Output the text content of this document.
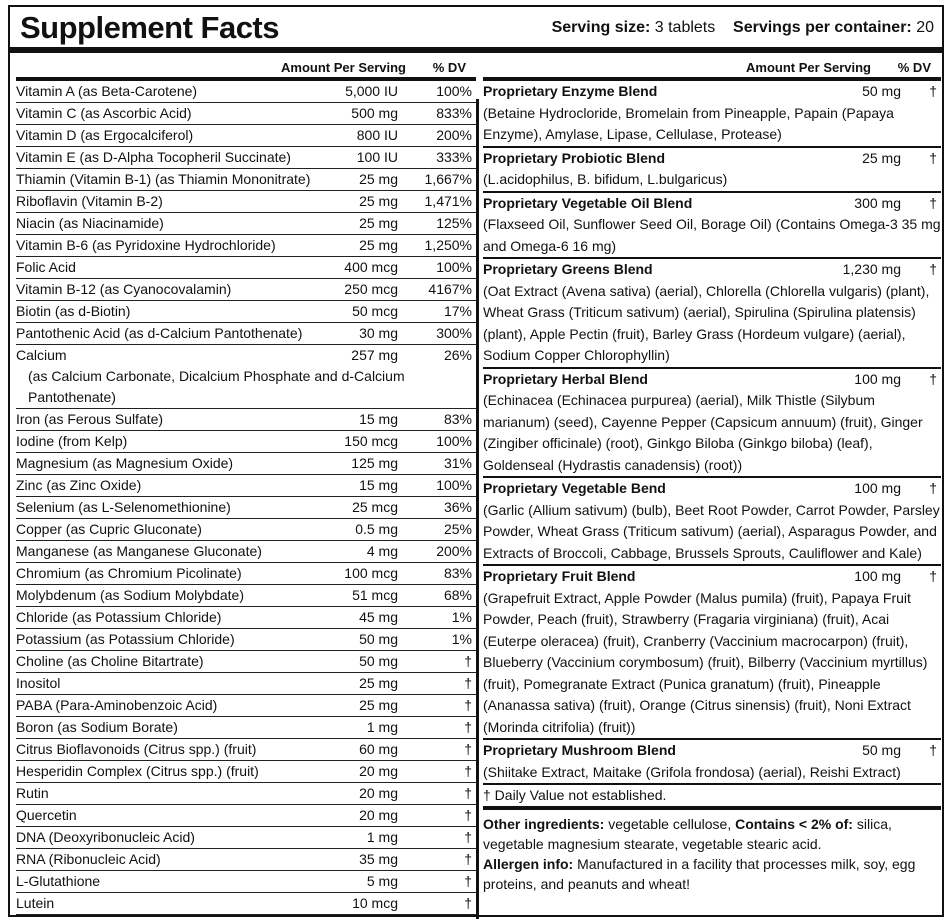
Supplement Facts	Serving size: 3 tablets Servings per container: 20
Amount Per Serving % DV
Vitamin A (as Beta-Carotene)	5,000 IU	100%
Vitamin C (as Ascorbic Acid)	500 mg	833%
Vitamin D (as Ergocalciferol)	800 IU	200%
Vitamin E (as D-Alpha Tocopheril Succinate)	100 IU	333%
Thiamin (Vitamin B-1) (as Thiamin Mononitrate)	25 mg 1,667%
Riboflavin (Vitamin B-2)	25 mg 1,471%
Niacin (as Niacinamide)	25 mg	125%
Vitamin B-6 (as Pyridoxine Hydrochloride)	25 mg 1,250%
Folic Acid	400 mcg	100%
Vitamin B-12 (as Cyanocovalamin)	250 mcg 4167%
Biotin (as d-Biotin)	50 mcg	17%
Pantothenic Acid (as d-Calcium Pantothenate)	30 mg	300%
Calcium	257 mg	26%
(as Calcium Carbonate, Dicalcium Phosphate and d-Calcium Pantothenate)
Iron (as Ferous Sulfate)	15 mg	83%
Iodine (from Kelp)	150 mcg	100%
Magnesium (as Magnesium Oxide)	125 mg	31%
Zinc (as Zinc Oxide)	15 mg	100%
Selenium (as L-Selenomethionine)	25 mcg	36%
Copper (as Cupric Gluconate)	0.5 mg	25%
Manganese (as Manganese Gluconate)	4 mg	200%
Chromium (as Chromium Picolinate)	100 mcg	83%
Molybdenum (as Sodium Molybdate)	51 mcg	68%
Chloride (as Potassium Chloride)	45 mg	1%
Potassium (as Potassium Chloride)	50 mg	1%
Choline (as Choline Bitartrate)	50 mg	†
Inositol	25 mg	†
PABA (Para-Aminobenzoic Acid)	25 mg	†
Boron (as Sodium Borate)	1 mg	†
Citrus Bioflavonoids (Citrus spp.) (fruit)	60 mg	†
Hesperidin Complex (Citrus spp.) (fruit)	20 mg	†
Rutin	20 mg	†
Quercetin	20 mg	†
DNA (Deoxyribonucleic Acid)	1 mg	†
RNA (Ribonucleic Acid)	35 mg	†
L-Glutathione	5 mg	†
Lutein	10 mcg	†
Amount Per Serving % DV
Proprietary Enzyme Blend	50 mg †
(Betaine Hydrocloride, Bromelain from Pineapple, Papain (Papaya Enzyme), Amylase, Lipase, Cellulase, Protease)
Proprietary Probiotic Blend	25 mg †
(L.acidophilus, B. bifidum, L.bulgaricus)
Proprietary Vegetable Oil Blend	300 mg †
(Flaxseed Oil, Sunflower Seed Oil, Borage Oil) (Contains Omega-3 35 mg and Omega-6 16 mg)
Proprietary Greens Blend	1,230 mg †
(Oat Extract (Avena sativa) (aerial), Chlorella (Chlorella vulgaris) (plant), Wheat Grass (Triticum sativum) (aerial), Spirulina (Spirulina platensis) (plant), Apple Pectin (fruit), Barley Grass (Hordeum vulgare) (aerial), Sodium Copper Chlorophyllin)
Proprietary Herbal Blend	100 mg †
(Echinacea (Echinacea purpurea) (aerial), Milk Thistle (Silybum marianum) (seed), Cayenne Pepper (Capsicum annuum) (fruit), Ginger (Zingiber officinale) (root), Ginkgo Biloba (Ginkgo biloba) (leaf), Goldenseal (Hydrastis canadensis) (root))
Proprietary Vegetable Bend	100 mg †
(Garlic (Allium sativum) (bulb), Beet Root Powder, Carrot Powder, Parsley Powder, Wheat Grass (Triticum sativum) (aerial), Asparagus Powder, and Extracts of Broccoli, Cabbage, Brussels Sprouts, Cauliflower and Kale)
Proprietary Fruit Blend	100 mg †
(Grapefruit Extract, Apple Powder (Malus pumila) (fruit), Papaya Fruit Powder, Peach (fruit), Strawberry (Fragaria virginiana) (fruit), Acai (Euterpe oleracea) (fruit), Cranberry (Vaccinium macrocarpon) (fruit), Blueberry (Vaccinium corymbosum) (fruit), Bilberry (Vaccinium myrtillus) (fruit), Pomegranate Extract (Punica granatum) (fruit), Pineapple (Ananassa sativa) (fruit), Orange (Citrus sinensis) (fruit), Noni Extract (Morinda citrifolia) (fruit))
Proprietary Mushroom Blend	50 mg †
(Shiitake Extract, Maitake (Grifola frondosa) (aerial), Reishi Extract)
† Daily Value not established.
Other ingredients: vegetable cellulose, Contains < 2% of: silica, vegetable magnesium stearate, vegetable stearic acid.
Allergen info: Manufactured in a facility that processes milk, soy, egg proteins, and peanuts and wheat!
